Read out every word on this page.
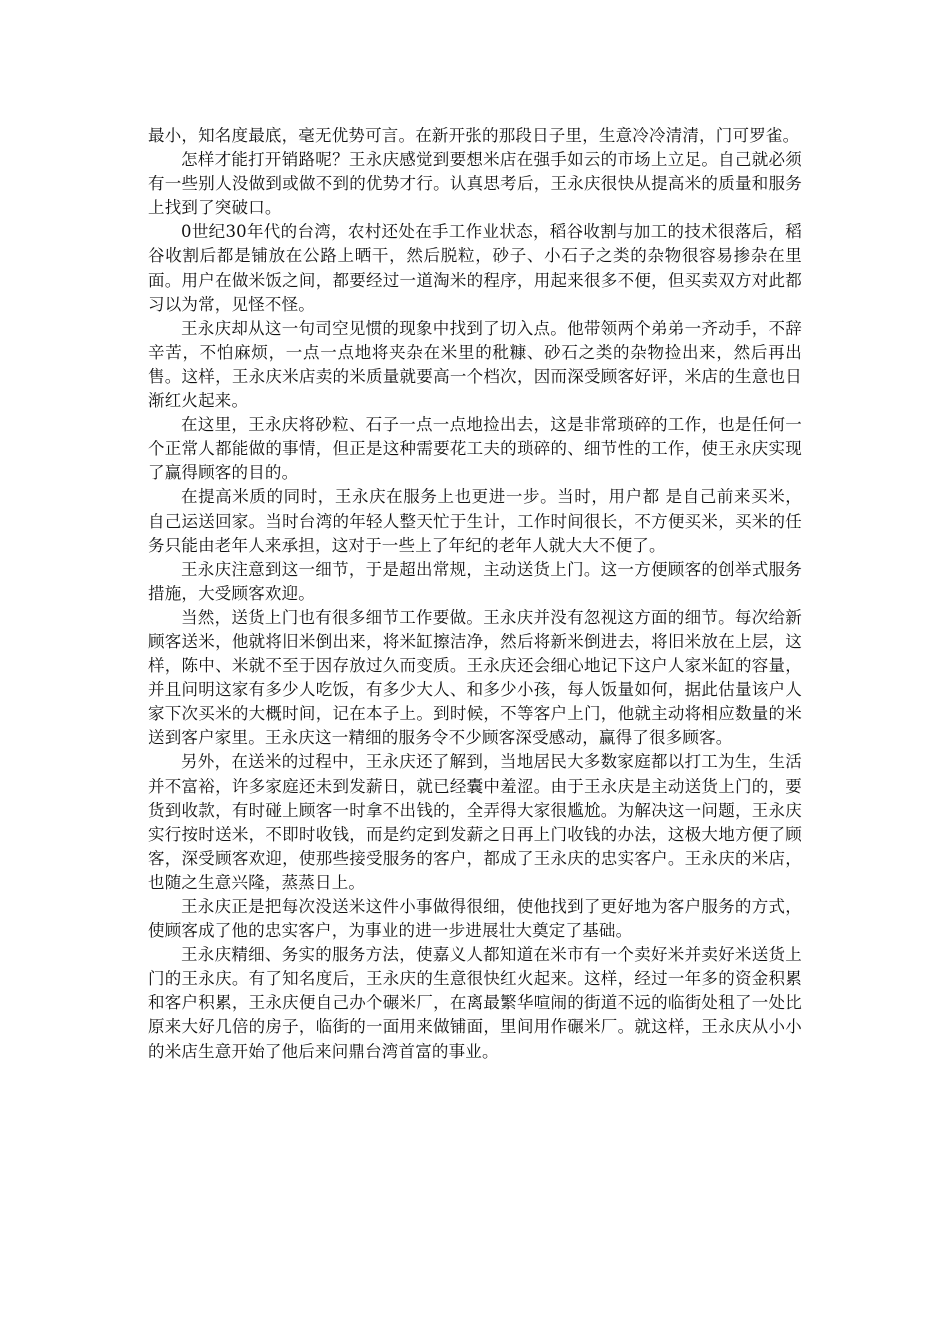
最小，知名度最底，毫无优势可言。在新开张的那段日子里，生意冷冷清清，门可罗雀。

怎样才能打开销路呢？王永庆感觉到要想米店在强手如云的市场上立足。自己就必须有一些别人没做到或做不到的优势才行。认真思考后，王永庆很快从提高米的质量和服务上找到了突破口。

0世纪30年代的台湾，农村还处在手工作业状态，稻谷收割与加工的技术很落后，稻谷收割后都是铺放在公路上晒干，然后脱粒，砂子、小石子之类的杂物很容易掺杂在里面。用户在做米饭之间，都要经过一道淘米的程序，用起来很多不便，但买卖双方对此都习以为常，见怪不怪。

王永庆却从这一句司空见惯的现象中找到了切入点。他带领两个弟弟一齐动手，不辞辛苦，不怕麻烦，一点一点地将夹杂在米里的秕糠、砂石之类的杂物捡出来，然后再出售。这样，王永庆米店卖的米质量就要高一个档次，因而深受顾客好评，米店的生意也日渐红火起来。

在这里，王永庆将砂粒、石子一点一点地捡出去，这是非常琐碎的工作，也是任何一个正常人都能做的事情，但正是这种需要花工夫的琐碎的、细节性的工作，使王永庆实现了赢得顾客的目的。

在提高米质的同时，王永庆在服务上也更进一步。当时，用户都 是自己前来买米，自己运送回家。当时台湾的年轻人整天忙于生计，工作时间很长，不方便买米，买米的任务只能由老年人来承担，这对于一些上了年纪的老年人就大大不便了。

王永庆注意到这一细节，于是超出常规，主动送货上门。这一方便顾客的创举式服务措施，大受顾客欢迎。

当然，送货上门也有很多细节工作要做。王永庆并没有忽视这方面的细节。每次给新顾客送米，他就将旧米倒出来，将米缸擦洁净，然后将新米倒进去，将旧米放在上层，这样，陈中、米就不至于因存放过久而变质。王永庆还会细心地记下这户人家米缸的容量，并且问明这家有多少人吃饭，有多少大人、和多少小孩，每人饭量如何，据此估量该户人家下次买米的大概时间，记在本子上。到时候，不等客户上门，他就主动将相应数量的米送到客户家里。王永庆这一精细的服务令不少顾客深受感动，赢得了很多顾客。

另外，在送米的过程中，王永庆还了解到，当地居民大多数家庭都以打工为生，生活并不富裕，许多家庭还未到发薪日，就已经囊中羞涩。由于王永庆是主动送货上门的，要货到收款，有时碰上顾客一时拿不出钱的，全弄得大家很尴尬。为解决这一问题，王永庆实行按时送米，不即时收钱，而是约定到发薪之日再上门收钱的办法，这极大地方便了顾客，深受顾客欢迎，使那些接受服务的客户，都成了王永庆的忠实客户。王永庆的米店，也随之生意兴隆，蒸蒸日上。

王永庆正是把每次没送米这件小事做得很细，使他找到了更好地为客户服务的方式，使顾客成了他的忠实客户，为事业的进一步进展壮大奠定了基础。

王永庆精细、务实的服务方法，使嘉义人都知道在米市有一个卖好米并卖好米送货上门的王永庆。有了知名度后，王永庆的生意很快红火起来。这样，经过一年多的资金积累和客户积累，王永庆便自己办个碾米厂，在离最繁华喧闹的街道不远的临街处租了一处比原来大好几倍的房子，临街的一面用来做铺面，里间用作碾米厂。就这样，王永庆从小小的米店生意开始了他后来问鼎台湾首富的事业。
